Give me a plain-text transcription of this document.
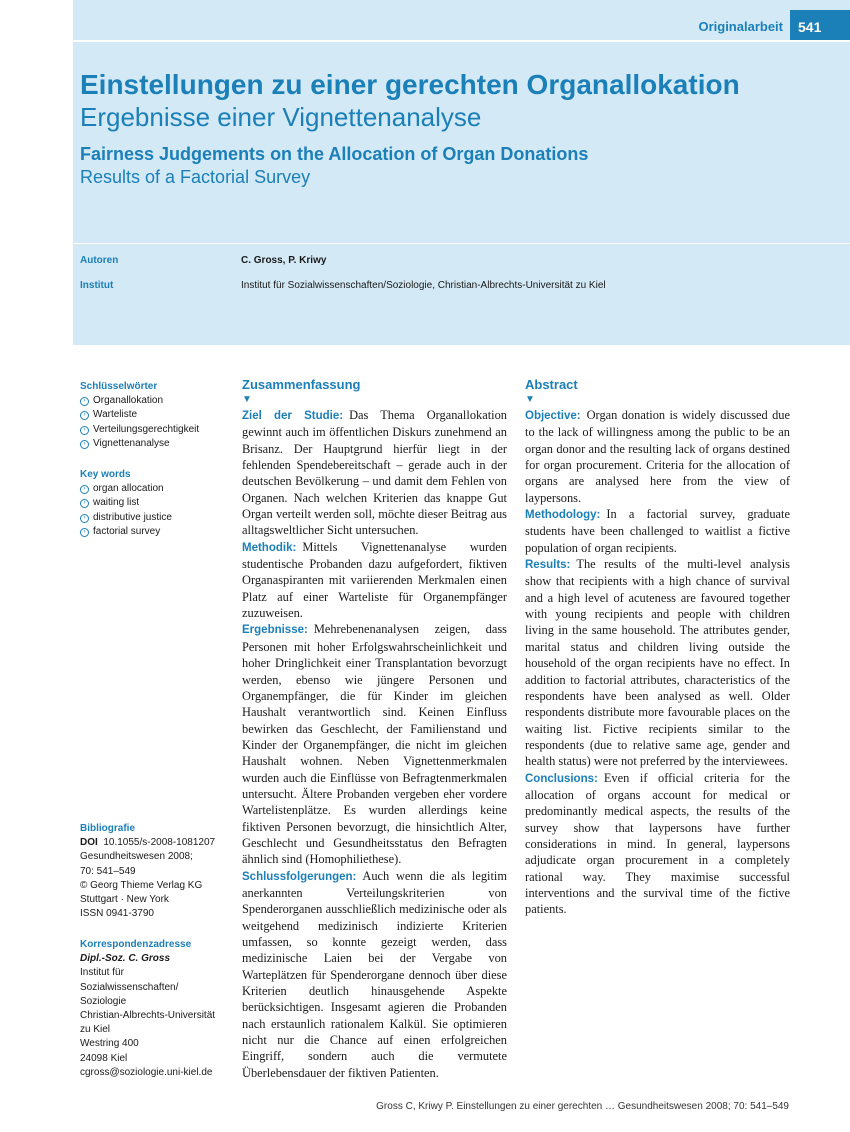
Originalarbeit	541
Einstellungen zu einer gerechten Organallokation
Ergebnisse einer Vignettenanalyse
Fairness Judgements on the Allocation of Organ Donations
Results of a Factorial Survey
Autoren	C. Gross, P. Kriwy
Institut	Institut für Sozialwissenschaften/Soziologie, Christian-Albrechts-Universität zu Kiel
Schlüsselwörter
› Organallokation
› Warteliste
› Verteilungsgerechtigkeit
› Vignettenanalyse
Key words
› organ allocation
› waiting list
› distributive justice
› factorial survey
Bibliografie
DOI 10.1055/s-2008-1081207
Gesundheitswesen 2008;
70: 541–549
© Georg Thieme Verlag KG
Stuttgart · New York
ISSN 0941-3790
Korrespondenzadresse
Dipl.-Soz. C. Gross
Institut für
Sozialwissenschaften/
Soziologie
Christian-Albrechts-Universität
zu Kiel
Westring 400
24098 Kiel
cgross@soziologie.uni-kiel.de
Zusammenfassung
▼

Ziel der Studie: Das Thema Organallokation gewinnt auch im öffentlichen Diskurs zunehmend an Brisanz. Der Hauptgrund hierfür liegt in der fehlenden Spendebereitschaft – gerade auch in der deutschen Bevölkerung – und damit dem Fehlen von Organen. Nach welchen Kriterien das knappe Gut Organ verteilt werden soll, möchte dieser Beitrag aus alltagsweltlicher Sicht untersuchen.

Methodik: Mittels Vignettenanalyse wurden studentische Probanden dazu aufgefordert, fiktiven Organaspiranten mit variierenden Merkmalen einen Platz auf einer Warteliste für Organempfänger zuzuweisen.

Ergebnisse: Mehrebenenanalysen zeigen, dass Personen mit hoher Erfolgswahrscheinlichkeit und hoher Dringlichkeit einer Transplantation bevorzugt werden, ebenso wie jüngere Personen und Organempfänger, die für Kinder im gleichen Haushalt verantwortlich sind. Keinen Einfluss bewirken das Geschlecht, der Familienstand und Kinder der Organempfänger, die nicht im gleichen Haushalt wohnen. Neben Vignettenmerkmalen wurden auch die Einflüsse von Befragtenmerkmalen untersucht. Ältere Probanden vergeben eher vordere Wartelistenplätze. Es wurden allerdings keine fiktiven Personen bevorzugt, die hinsichtlich Alter, Geschlecht und Gesundheitsstatus den Befragten ähnlich sind (Homophiliethese).

Schlussfolgerungen: Auch wenn die als legitim anerkannten Verteilungskriterien von Spenderorganen ausschließlich medizinische oder als weitgehend medizinisch indizierte Kriterien umfassen, so konnte gezeigt werden, dass medizinische Laien bei der Vergabe von Warteplätzen für Spenderorgane dennoch über diese Kriterien deutlich hinausgehende Aspekte berücksichtigen. Insgesamt agieren die Probanden nach erstaunlich rationalem Kalkül. Sie optimieren nicht nur die Chance auf einen erfolgreichen Eingriff, sondern auch die vermutete Überlebensdauer der fiktiven Patienten.

Abstract
▼

Objective: Organ donation is widely discussed due to the lack of willingness among the public to be an organ donor and the resulting lack of organs destined for organ procurement. Criteria for the allocation of organs are analysed here from the view of laypersons.

Methodology: In a factorial survey, graduate students have been challenged to waitlist a fictive population of organ recipients.

Results: The results of the multi-level analysis show that recipients with a high chance of survival and a high level of acuteness are favoured together with young recipients and people with children living in the same household. The attributes gender, marital status and children living outside the household of the organ recipients have no effect. In addition to factorial attributes, characteristics of the respondents have been analysed as well. Older respondents distribute more favourable places on the waiting list. Fictive recipients similar to the respondents (due to relative same age, gender and health status) were not preferred by the interviewees.

Conclusions: Even if official criteria for the allocation of organs account for medical or predominantly medical aspects, the results of the survey show that laypersons have further considerations in mind. In general, laypersons adjudicate organ procurement in a completely rational way. They maximise successful interventions and the survival time of the fictive patients.

Gross C, Kriwy P. Einstellungen zu einer gerechten … Gesundheitswesen 2008; 70: 541–549
